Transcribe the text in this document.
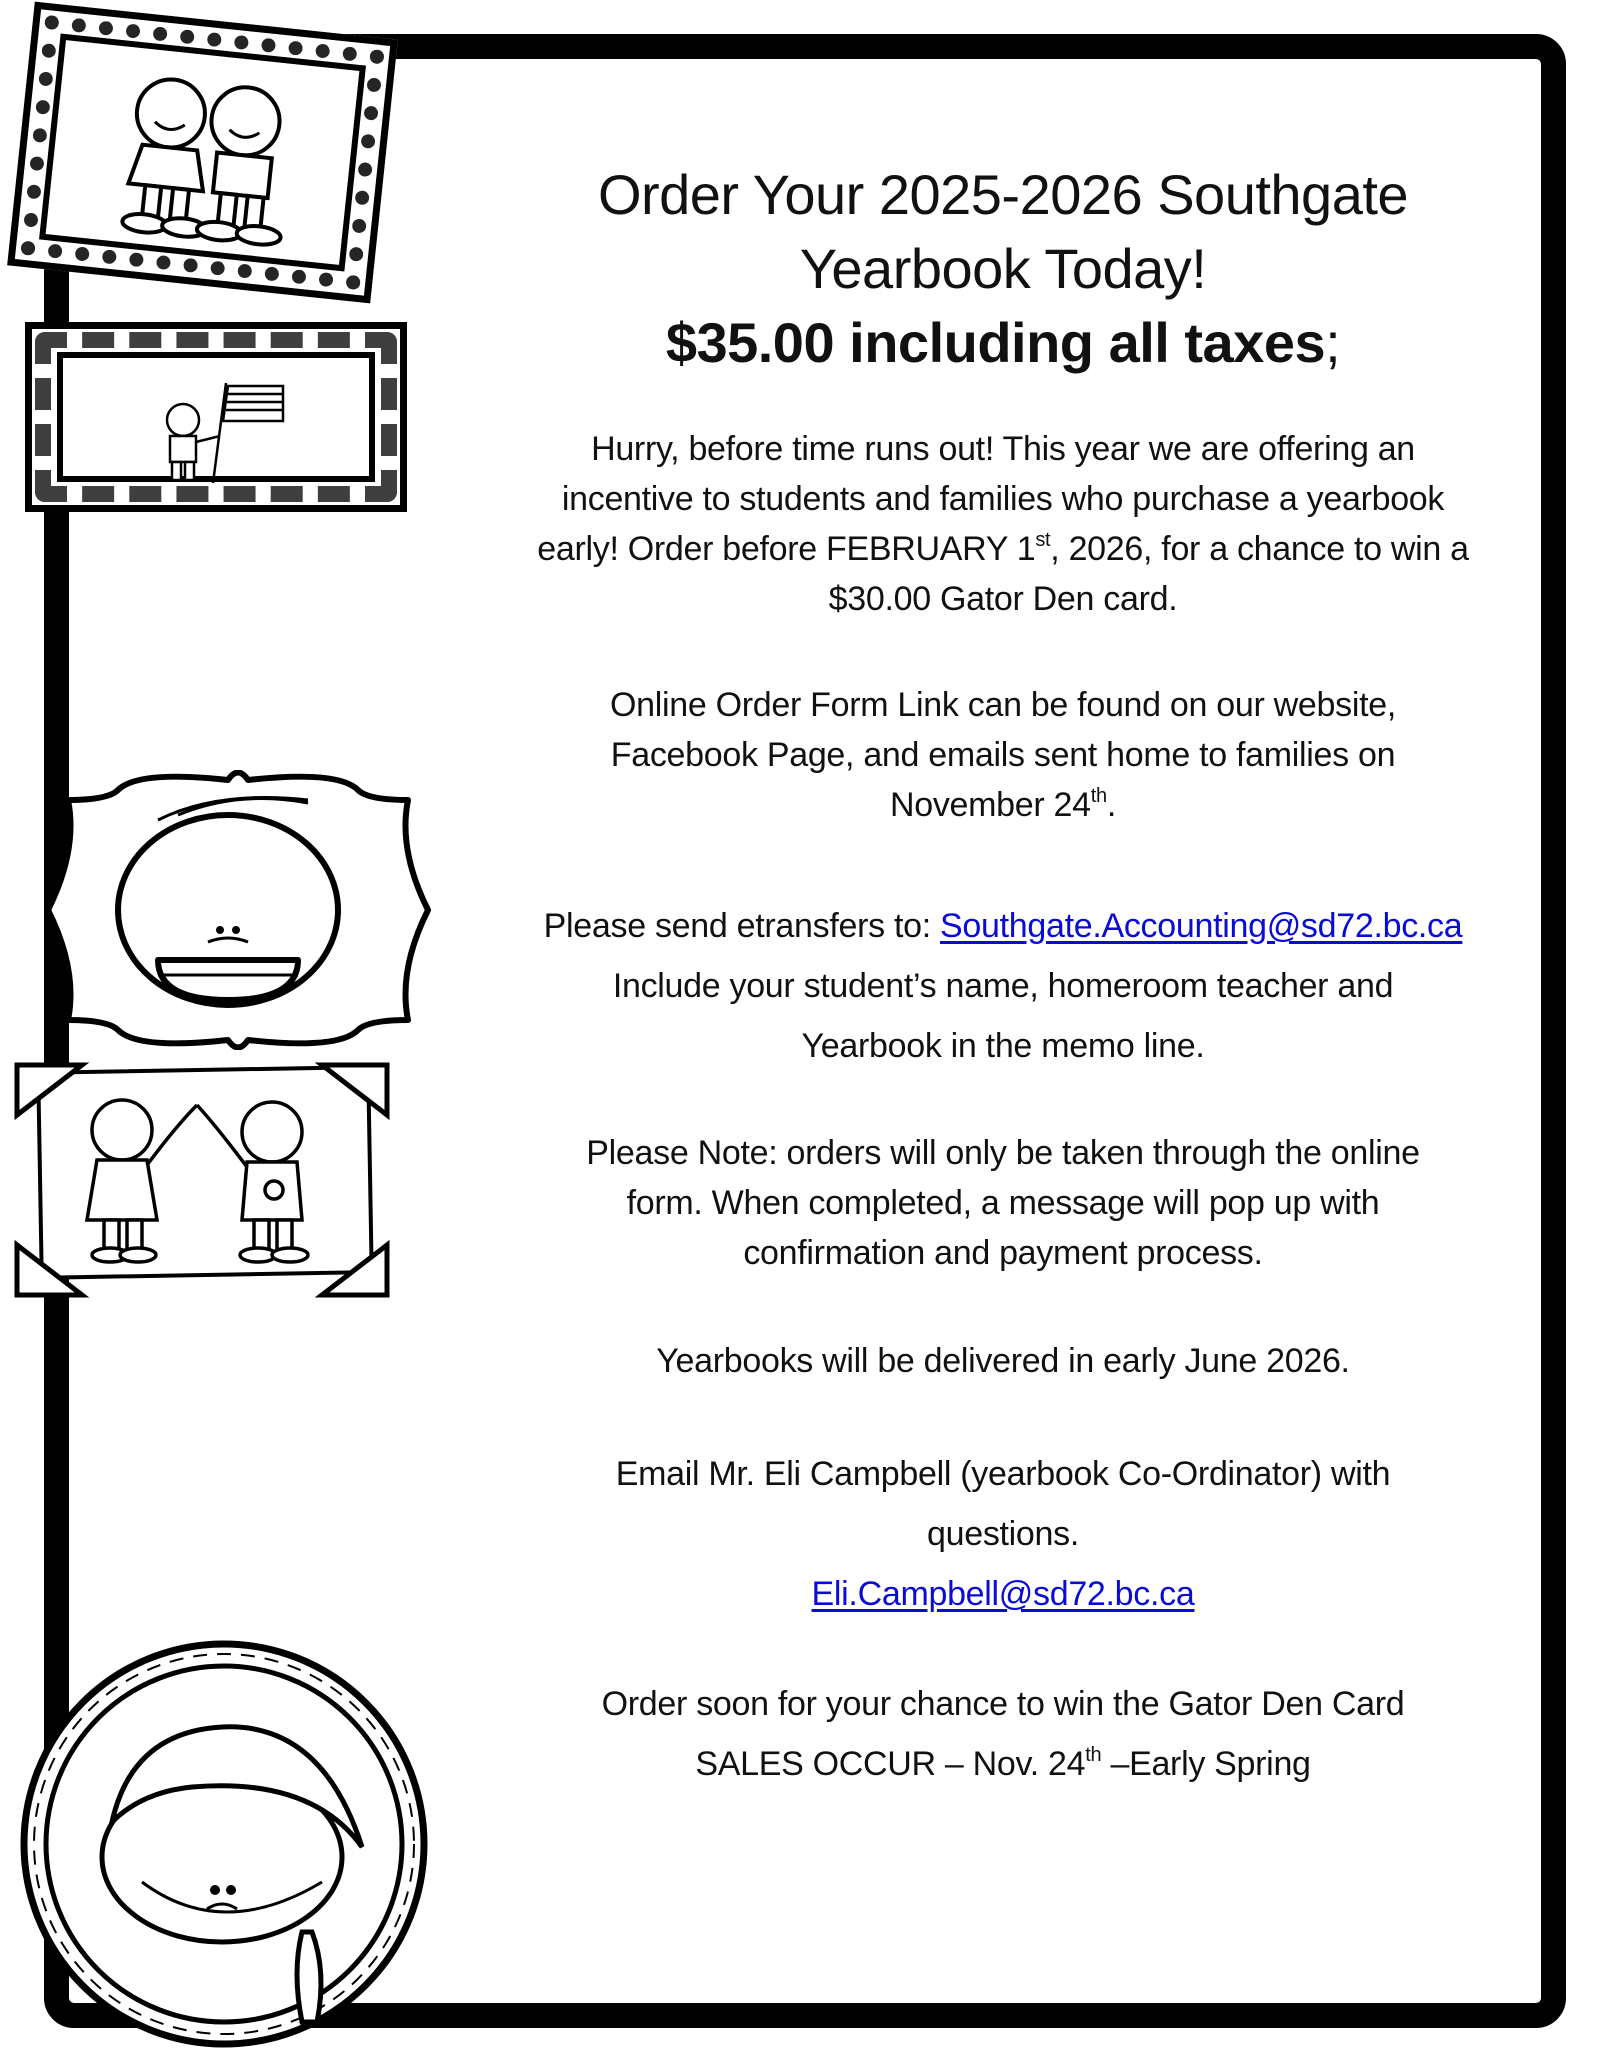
Order Your 2025-2026 Southgate
Yearbook Today!

$35.00 including all taxes;

Hurry, before time runs out! This year we are offering an
incentive to students and families who purchase a yearbook
early! Order before FEBRUARY 1st, 2026, for a chance to win a
$30.00 Gator Den card.

Online Order Form Link can be found on our website,
Facebook Page, and emails sent home to families on
November 24th.

Please send etransfers to: Southgate.Accounting@sd72.bc.ca
Include your student’s name, homeroom teacher and
Yearbook in the memo line.

Please Note: orders will only be taken through the online
form. When completed, a message will pop up with
confirmation and payment process.

Yearbooks will be delivered in early June 2026.

Email Mr. Eli Campbell (yearbook Co-Ordinator) with
questions.
Eli.Campbell@sd72.bc.ca

Order soon for your chance to win the Gator Den Card
SALES OCCUR – Nov. 24th –Early Spring
